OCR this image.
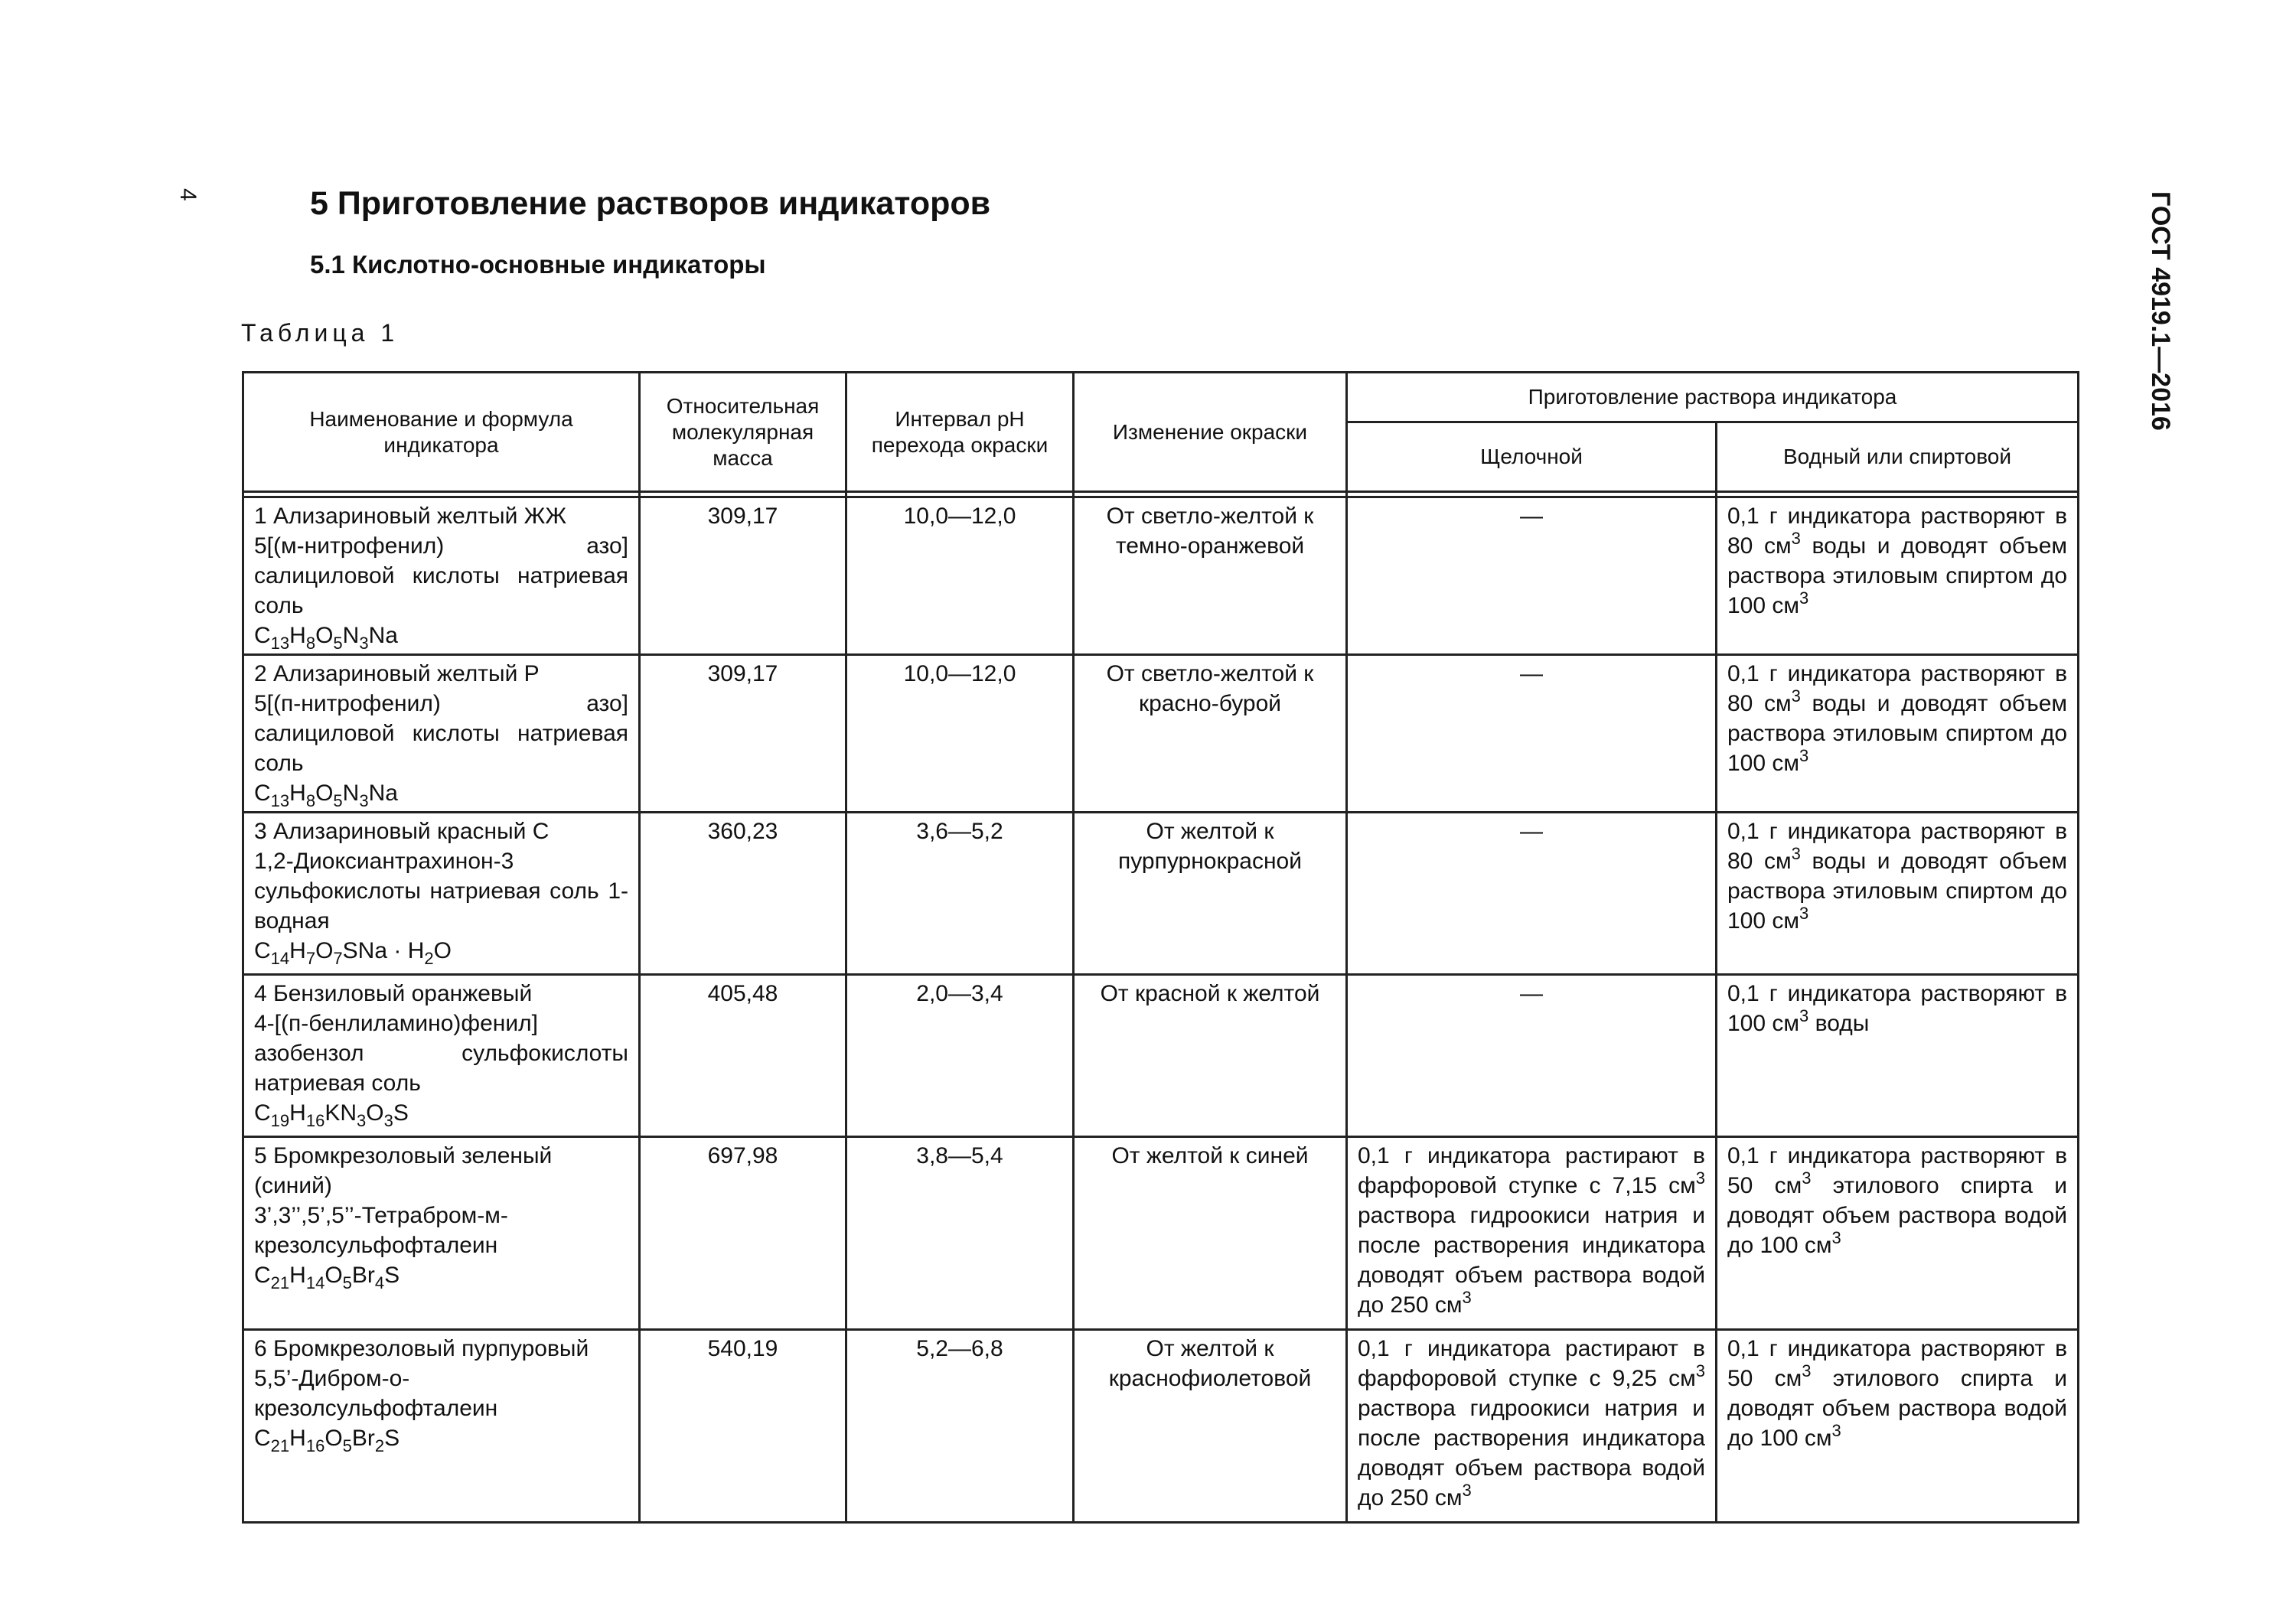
4	ГОСТ 4919.1—2016
5 Приготовление растворов индикаторов
5.1 Кислотно-основные индикаторы
Таблица 1
Наименование и формула индикатора	Относительная молекулярная масса	Интервал pH перехода окраски	Изменение окраски	Приготовление раствора индикатора	
				Щелочной	Водный или спиртовой

1 Ализариновый желтый ЖЖ
5[(м-нитрофенил) азо] салициловой кислоты натриевая соль
$C_{13}H_8O_5N_3Na$	309,17	10,0—12,0	От светло-желтой к темно-оранжевой	—	0,1 г индикатора растворяют в 80 $см^3$ воды и доводят объем раствора этиловым спиртом до 100 $см^3$

2 Ализариновый желтый Р
5[(п-нитрофенил) азо] салициловой кислоты натриевая соль
$C_{13}H_8O_5N_3Na$	309,17	10,0—12,0	От светло-желтой к красно-бурой	—	0,1 г индикатора растворяют в 80 $см^3$ воды и доводят объем раствора этиловым спиртом до 100 $см^3$

3 Ализариновый красный С
1,2-Диоксиантрахинон-3 сульфокислоты натриевая соль 1-водная
$C_{14}H_7O_7SNa \cdot H_2O$	360,23	3,6—5,2	От желтой к пурпурнокрасной	—	0,1 г индикатора растворяют в 80 $см^3$ воды и доводят объем раствора этиловым спиртом до 100 $см^3$

4 Бензиловый оранжевый
4-[(п-бенлиламино)фенил] азобензол сульфокислоты натриевая соль
$C_{19}H_{16}KN_3O_3S$	405,48	2,0—3,4	От красной к желтой	—	0,1 г индикатора растворяют в 100 $см^3$ воды

5 Бромкрезоловый зеленый (синий)
3’,3’’,5’,5’’-Тетрабром-м-крезолсульфофталеин
$C_{21}H_{14}O_5Br_4S$	697,98	3,8—5,4	От желтой к синей	0,1 г индикатора растирают в фарфоровой ступке с 7,15 $см^3$ раствора гидроокиси натрия и после растворения индикатора доводят объем раствора водой до 250 $см^3$	0,1 г индикатора растворяют в 50 $см^3$ этилового спирта и доводят объем раствора водой до 100 $см^3$

6 Бромкрезоловый пурпуровый
5,5’-Дибром-о-крезолсульфофталеин
$C_{21}H_{16}O_5Br_2S$	540,19	5,2—6,8	От желтой к краснофиолетовой	0,1 г индикатора растирают в фарфоровой ступке с 9,25 $см^3$ раствора гидроокиси натрия и после растворения индикатора доводят объем раствора водой до 250 $см^3$	0,1 г индикатора растворяют в 50 $см^3$ этилового спирта и доводят объем раствора водой до 100 $см^3$
